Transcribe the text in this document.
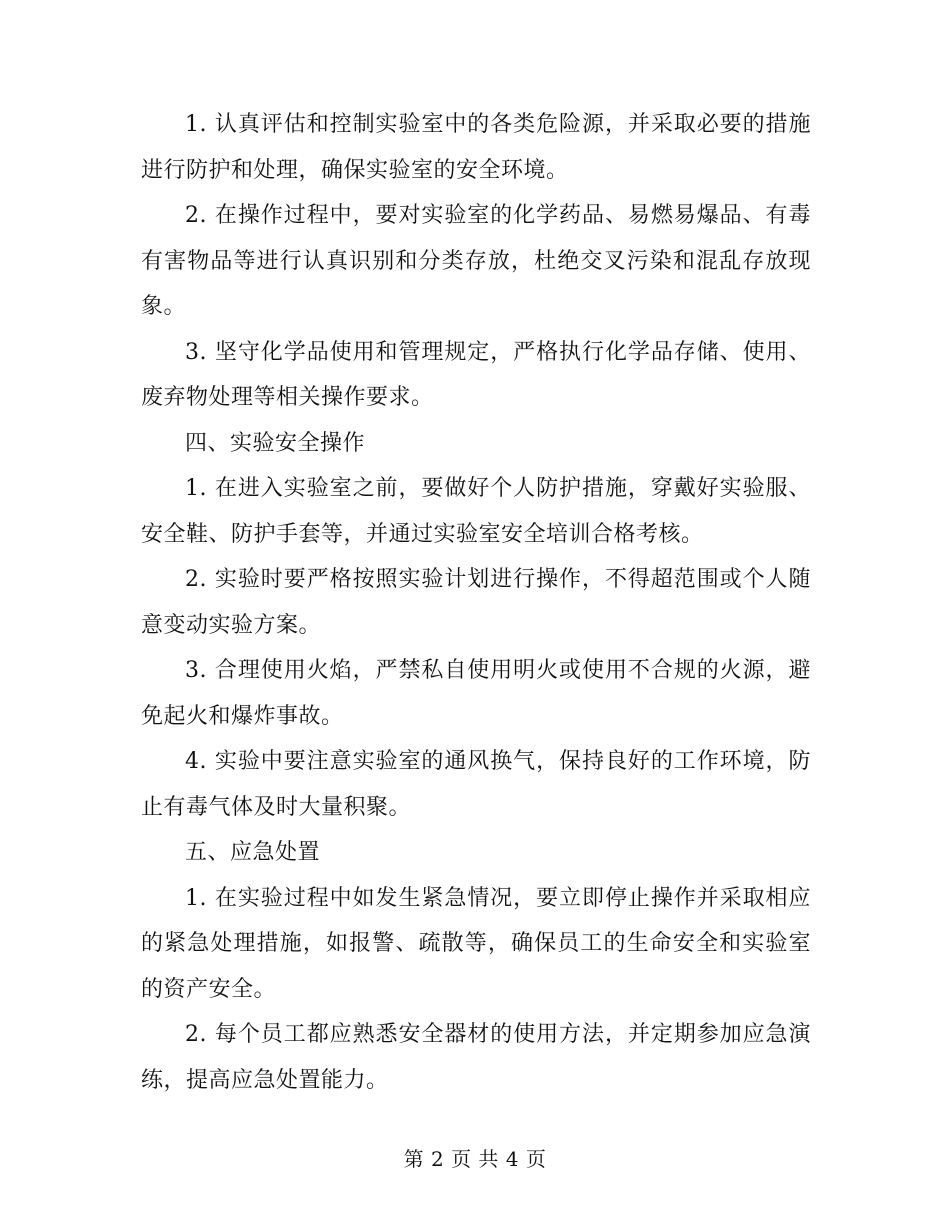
1. 认真评估和控制实验室中的各类危险源，并采取必要的措施进行防护和处理，确保实验室的安全环境。

2. 在操作过程中，要对实验室的化学药品、易燃易爆品、有毒有害物品等进行认真识别和分类存放，杜绝交叉污染和混乱存放现象。

3. 坚守化学品使用和管理规定，严格执行化学品存储、使用、废弃物处理等相关操作要求。

四、实验安全操作

1. 在进入实验室之前，要做好个人防护措施，穿戴好实验服、安全鞋、防护手套等，并通过实验室安全培训合格考核。

2. 实验时要严格按照实验计划进行操作，不得超范围或个人随意变动实验方案。

3. 合理使用火焰，严禁私自使用明火或使用不合规的火源，避免起火和爆炸事故。

4. 实验中要注意实验室的通风换气，保持良好的工作环境，防止有毒气体及时大量积聚。

五、应急处置

1. 在实验过程中如发生紧急情况，要立即停止操作并采取相应的紧急处理措施，如报警、疏散等，确保员工的生命安全和实验室的资产安全。

2. 每个员工都应熟悉安全器材的使用方法，并定期参加应急演练，提高应急处置能力。

第 2 页 共 4 页
